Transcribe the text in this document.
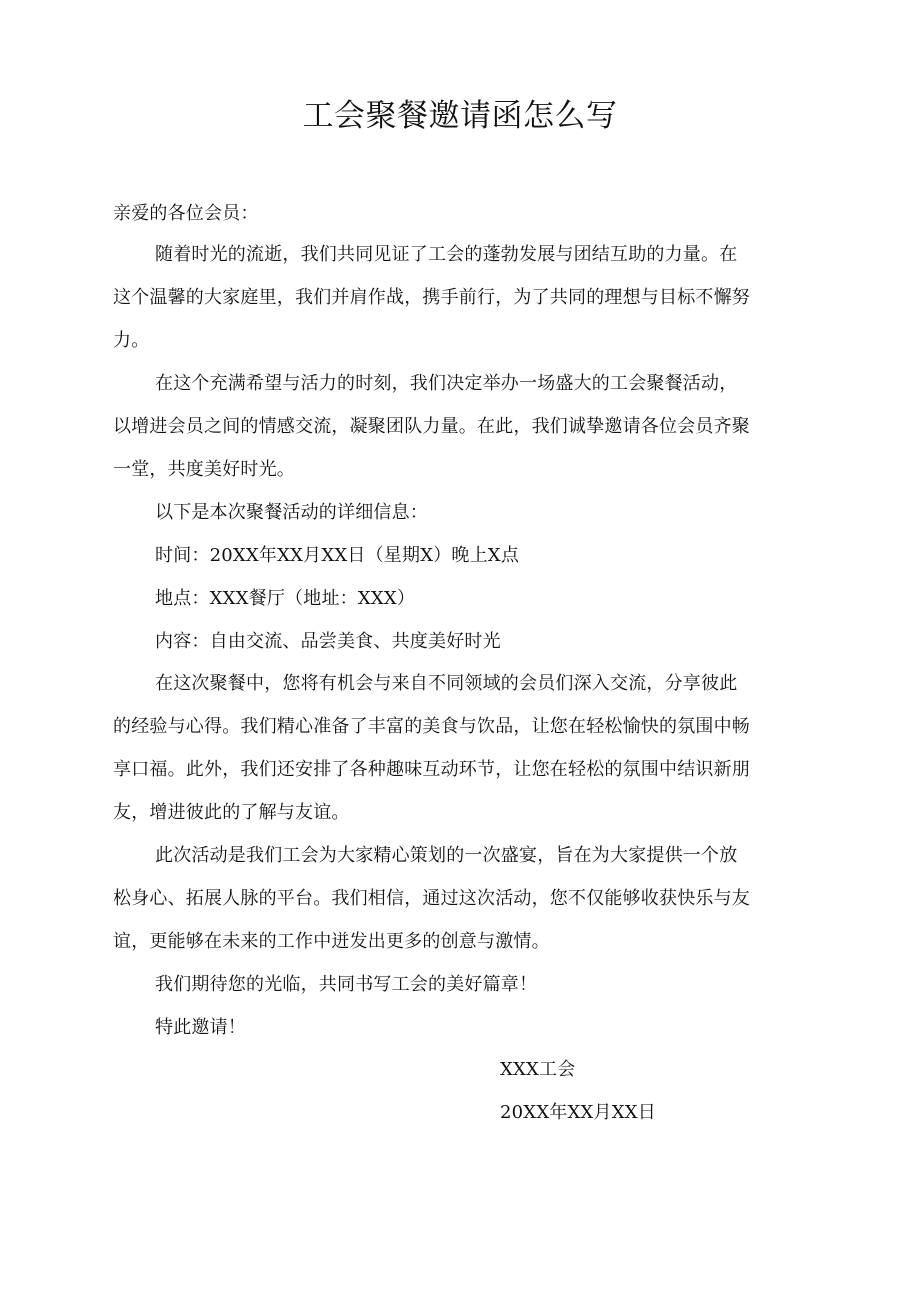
工会聚餐邀请函怎么写
亲爱的各位会员：
随着时光的流逝，我们共同见证了工会的蓬勃发展与团结互助的力量。在
这个温馨的大家庭里，我们并肩作战，携手前行，为了共同的理想与目标不懈努
力。
在这个充满希望与活力的时刻，我们决定举办一场盛大的工会聚餐活动，
以增进会员之间的情感交流，凝聚团队力量。在此，我们诚挚邀请各位会员齐聚
一堂，共度美好时光。
以下是本次聚餐活动的详细信息：
时间：20XX年XX月XX日（星期X）晚上X点
地点：XXX餐厅（地址：XXX）
内容：自由交流、品尝美食、共度美好时光
在这次聚餐中，您将有机会与来自不同领域的会员们深入交流，分享彼此
的经验与心得。我们精心准备了丰富的美食与饮品，让您在轻松愉快的氛围中畅
享口福。此外，我们还安排了各种趣味互动环节，让您在轻松的氛围中结识新朋
友，增进彼此的了解与友谊。
此次活动是我们工会为大家精心策划的一次盛宴，旨在为大家提供一个放
松身心、拓展人脉的平台。我们相信，通过这次活动，您不仅能够收获快乐与友
谊，更能够在未来的工作中迸发出更多的创意与激情。
我们期待您的光临，共同书写工会的美好篇章！
特此邀请！
XXX工会
20XX年XX月XX日
